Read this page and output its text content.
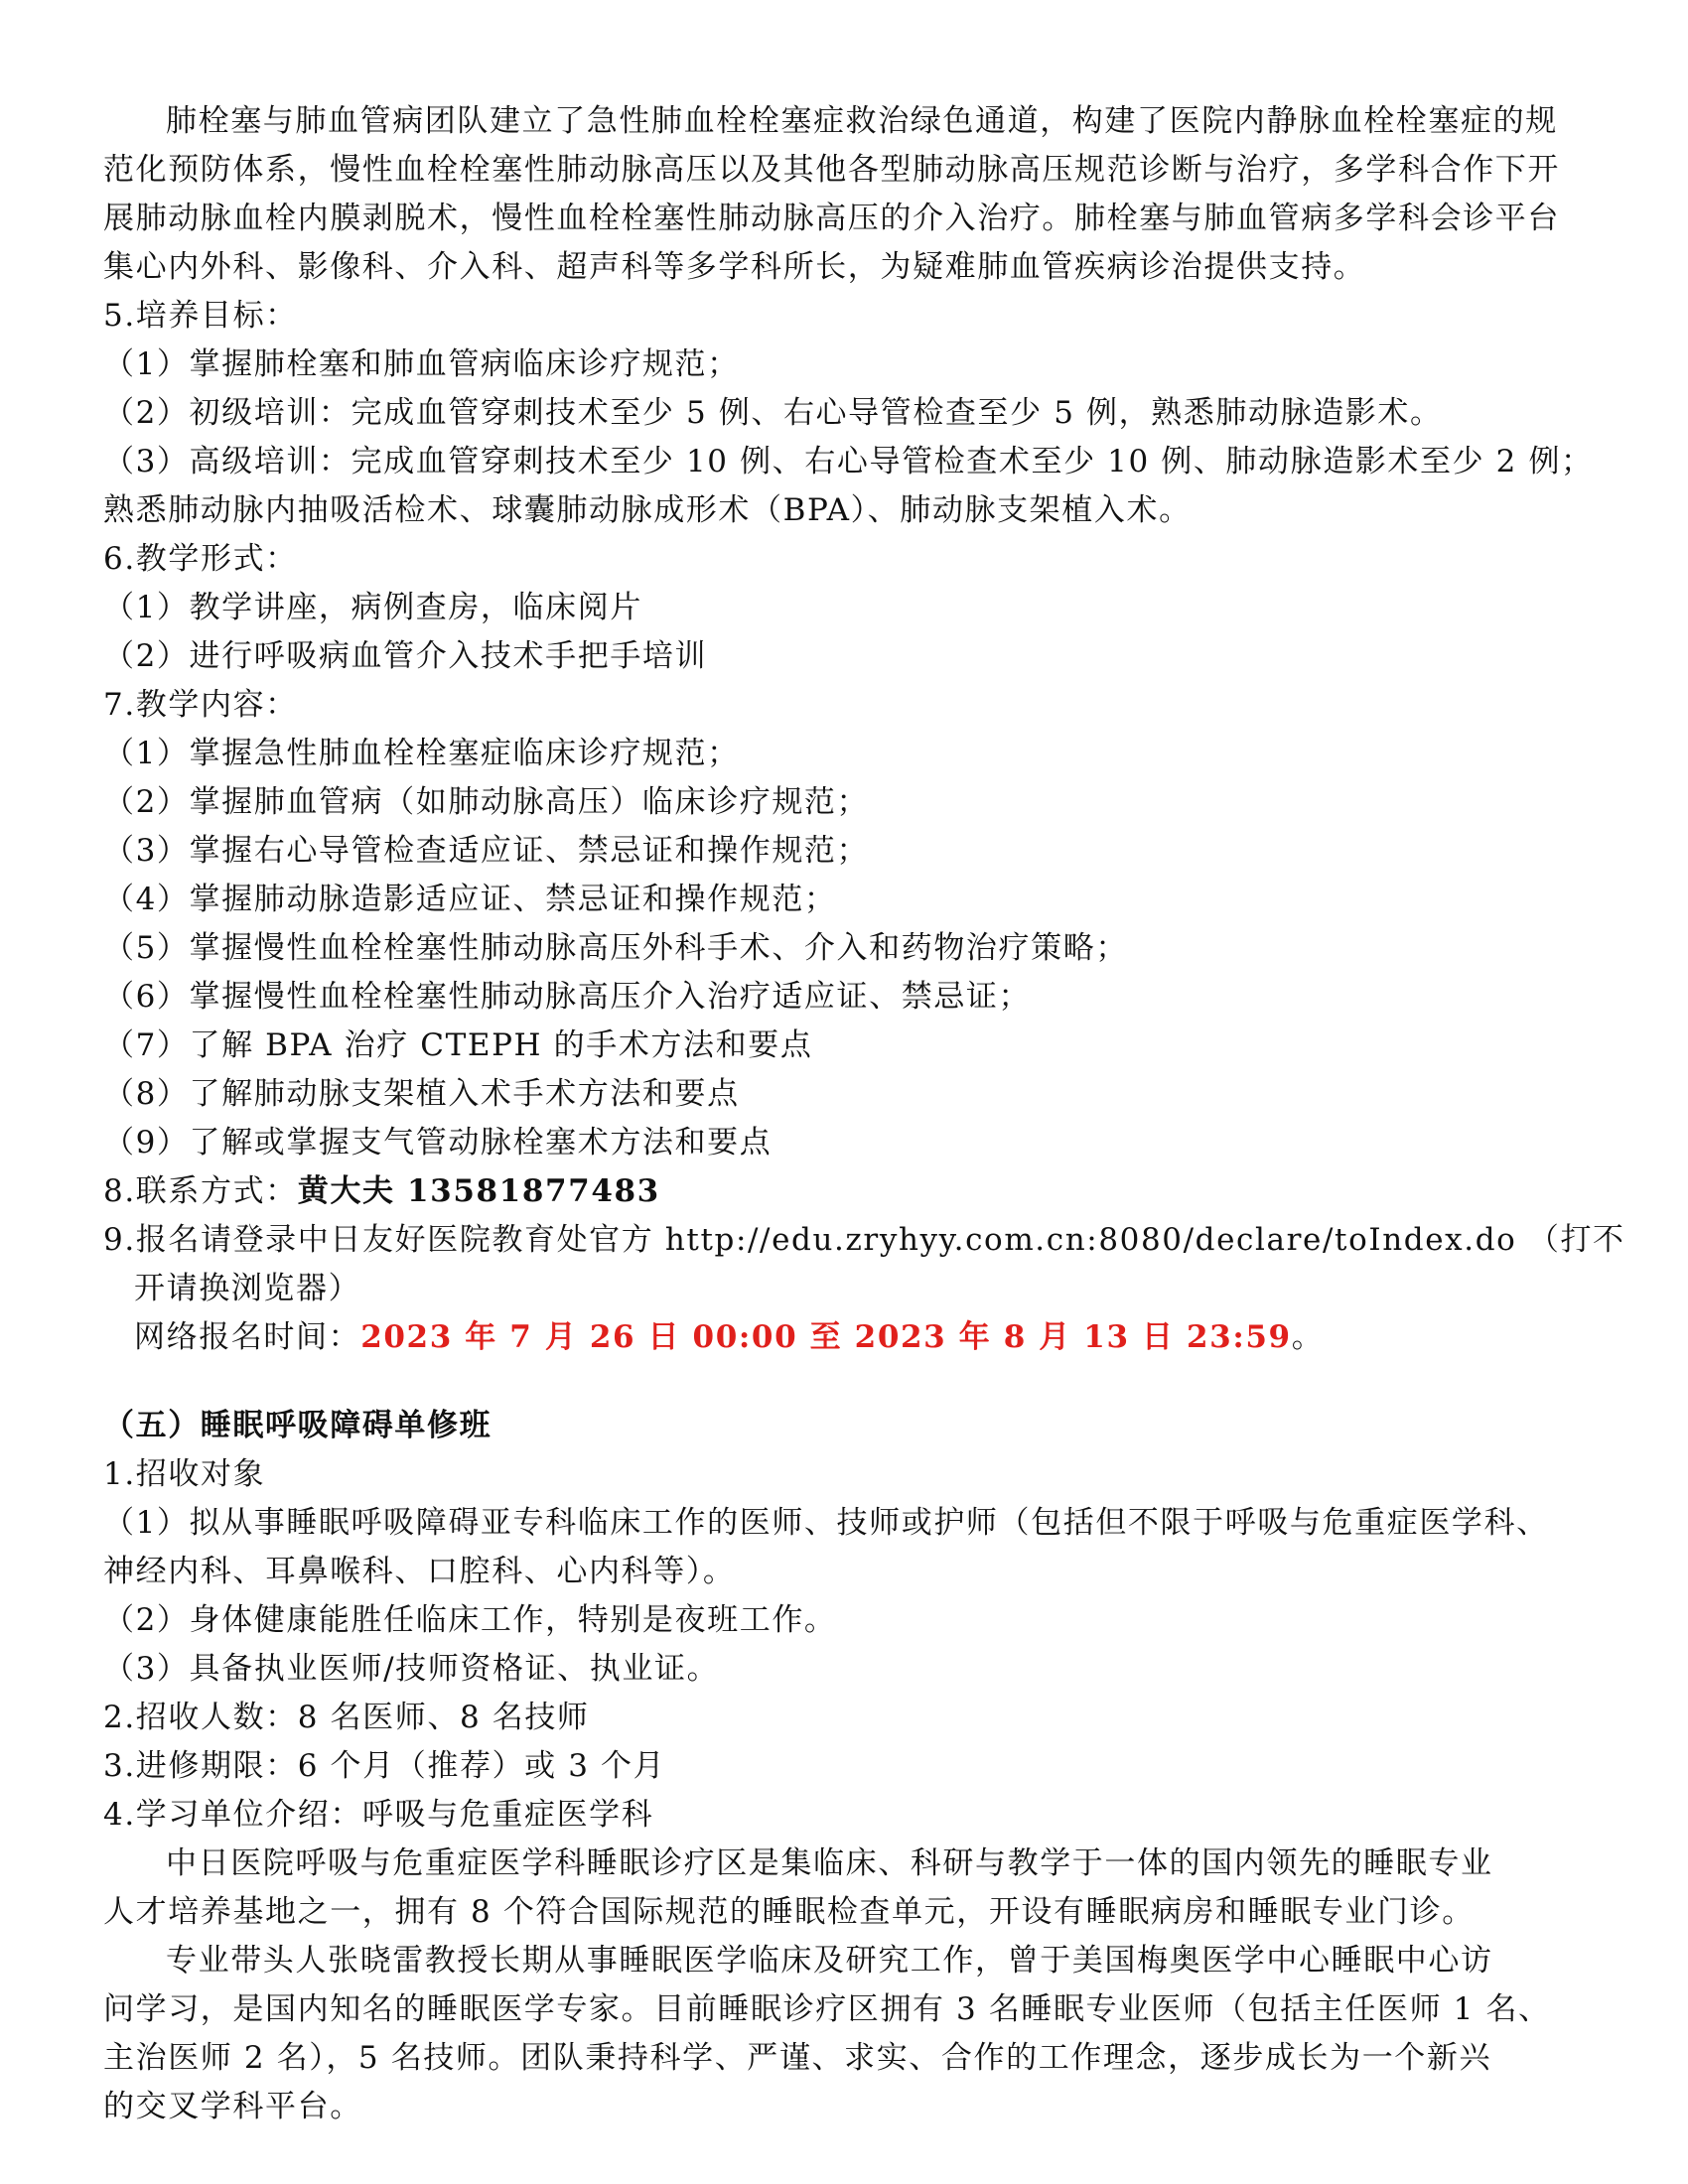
肺栓塞与肺血管病团队建立了急性肺血栓栓塞症救治绿色通道，构建了医院内静脉血栓栓塞症的规
范化预防体系，慢性血栓栓塞性肺动脉高压以及其他各型肺动脉高压规范诊断与治疗，多学科合作下开
展肺动脉血栓内膜剥脱术，慢性血栓栓塞性肺动脉高压的介入治疗。肺栓塞与肺血管病多学科会诊平台
集心内外科、影像科、介入科、超声科等多学科所长，为疑难肺血管疾病诊治提供支持。
5.培养目标：
（1）掌握肺栓塞和肺血管病临床诊疗规范；
（2）初级培训：完成血管穿刺技术至少 5 例、右心导管检查至少 5 例，熟悉肺动脉造影术。
（3）高级培训：完成血管穿刺技术至少 10 例、右心导管检查术至少 10 例、肺动脉造影术至少 2 例；
熟悉肺动脉内抽吸活检术、球囊肺动脉成形术（BPA）、肺动脉支架植入术。
6.教学形式：
（1）教学讲座，病例查房，临床阅片
（2）进行呼吸病血管介入技术手把手培训
7.教学内容：
（1）掌握急性肺血栓栓塞症临床诊疗规范；
（2）掌握肺血管病（如肺动脉高压）临床诊疗规范；
（3）掌握右心导管检查适应证、禁忌证和操作规范；
（4）掌握肺动脉造影适应证、禁忌证和操作规范；
（5）掌握慢性血栓栓塞性肺动脉高压外科手术、介入和药物治疗策略；
（6）掌握慢性血栓栓塞性肺动脉高压介入治疗适应证、禁忌证；
（7）了解 BPA 治疗 CTEPH 的手术方法和要点
（8）了解肺动脉支架植入术手术方法和要点
（9）了解或掌握支气管动脉栓塞术方法和要点
8.联系方式：黄大夫 13581877483
9.报名请登录中日友好医院教育处官方 http://edu.zryhyy.com.cn:8080/declare/toIndex.do （打不
开请换浏览器）
网络报名时间：2023 年 7 月 26 日 00:00 至 2023 年 8 月 13 日 23:59。
（五）睡眠呼吸障碍单修班
1.招收对象
（1）拟从事睡眠呼吸障碍亚专科临床工作的医师、技师或护师（包括但不限于呼吸与危重症医学科、
神经内科、耳鼻喉科、口腔科、心内科等）。
（2）身体健康能胜任临床工作，特别是夜班工作。
（3）具备执业医师/技师资格证、执业证。
2.招收人数：8 名医师、8 名技师
3.进修期限：6 个月（推荐）或 3 个月
4.学习单位介绍：呼吸与危重症医学科
中日医院呼吸与危重症医学科睡眠诊疗区是集临床、科研与教学于一体的国内领先的睡眠专业
人才培养基地之一，拥有 8 个符合国际规范的睡眠检查单元，开设有睡眠病房和睡眠专业门诊。
专业带头人张晓雷教授长期从事睡眠医学临床及研究工作，曾于美国梅奥医学中心睡眠中心访
问学习，是国内知名的睡眠医学专家。目前睡眠诊疗区拥有 3 名睡眠专业医师（包括主任医师 1 名、
主治医师 2 名），5 名技师。团队秉持科学、严谨、求实、合作的工作理念，逐步成长为一个新兴
的交叉学科平台。
